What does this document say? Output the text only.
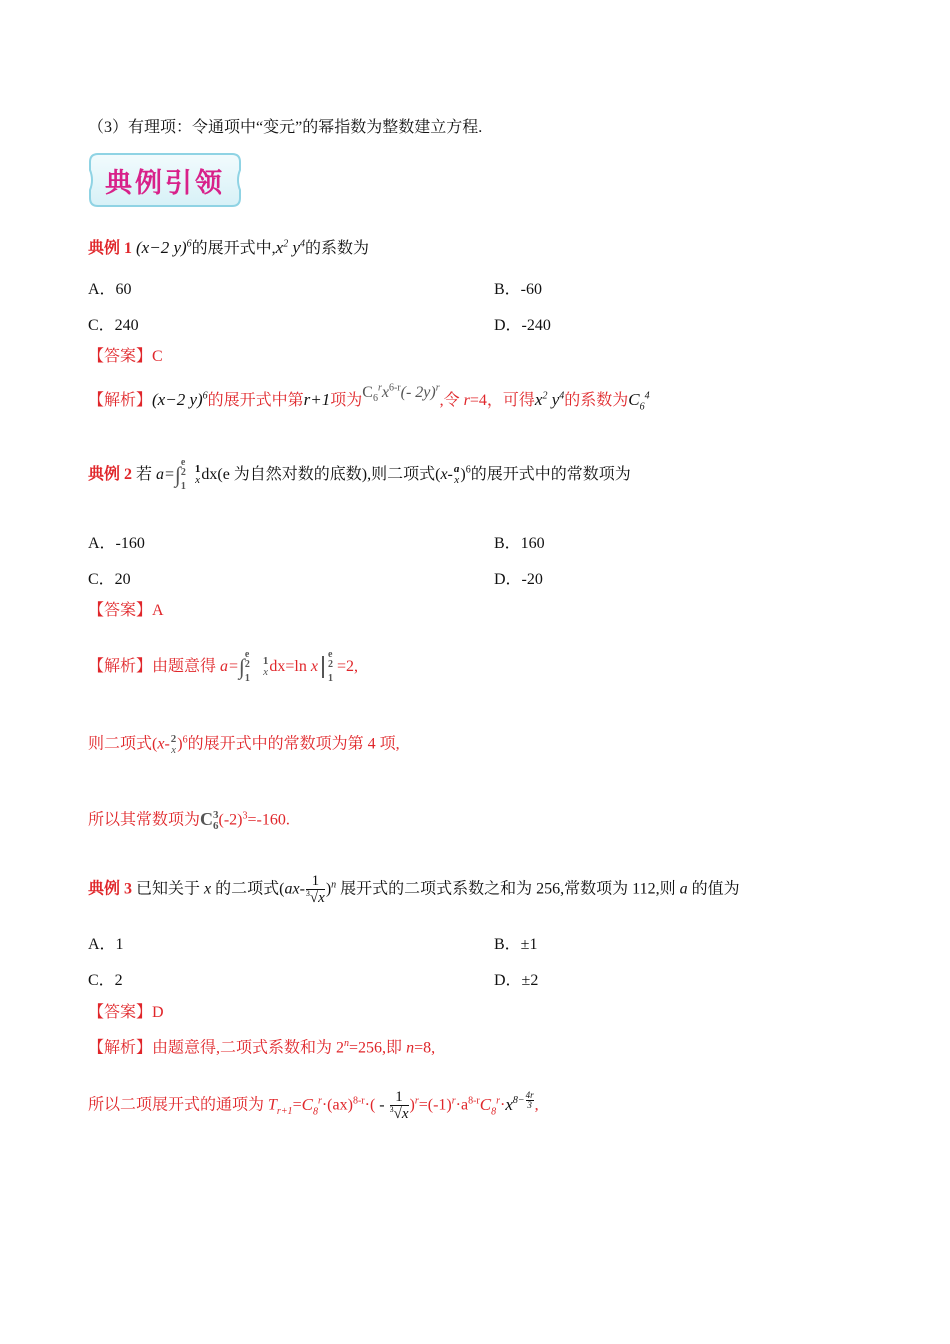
（3）有理项：令通项中“变元”的幂指数为整数建立方程.
典例引领
典例 1 (x−2 y)$^6$的展开式中$,x^2$ $y^4$的系数为
A．60	B．-60
C．240	D．-240
【答案】C
【解析】(x−2 y)$^6$的展开式中第r+1项为$C_6^rx^{6-r}(-$ 2y)$^r$,令 r=4，可得$x^2$ $y^4$的系数为$C_6^4$
典例 2 若 a=∫ e
$^2$
1

1
x dx(e 为自然对数的底数),则二项式(x- a
x )$^6$的展开式中的常数项为
A．-160	B．160
C．20	D．-20
【答案】A
【解析】由题意得 a=∫ e
$^2$
1

1
x dx=ln x
e
$^2$
1
=2,
则二项式(x- 2
x )$^6$的展开式中的常数项为第 4 项,
所以其常数项为C 3
6 $(-2)^3=-160$.
典例 3 已知关于 x 的二项式$(ax- \frac{1}{^3√x} )^n$ 展开式的二项式系数之和为 256,常数项为 112,则 a 的值为
A．1	B．±1
C．2	D．±2
【答案】D
【解析】由题意得,二项式系数和为 $2^n=256$,即 n=8,
所以二项展开式的通项为 $T_{r+1}=C_8^r\cdot(ax)^{8-r}\cdot( - \frac{1}{^3√x} )^r=(-1)^r\cdot a^{8-r}C_8^r\cdot x^{8- \frac{4r}{3}}$ ,
